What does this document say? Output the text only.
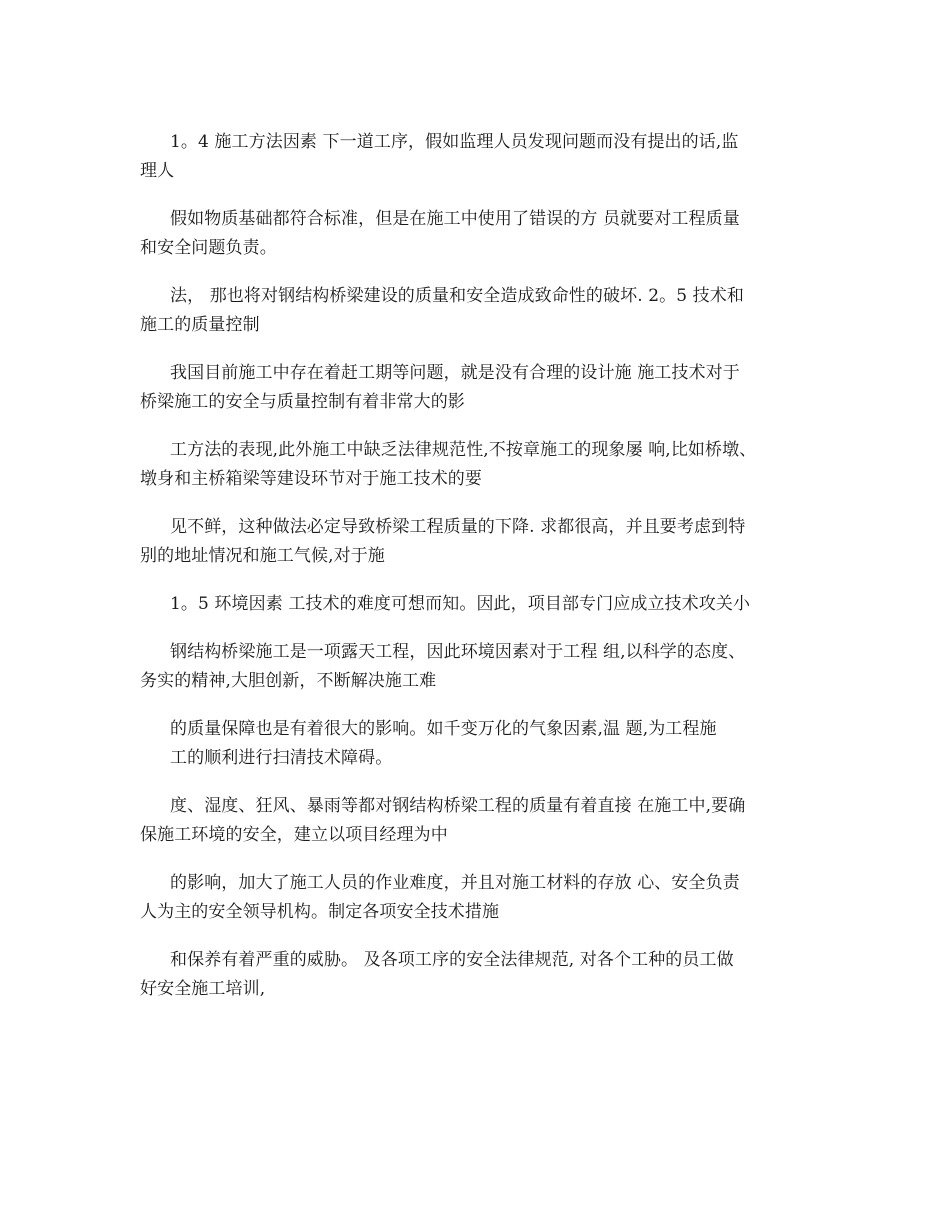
1。4 施工方法因素 下一道工序，假如监理人员发现问题而没有提出的话,监
理人
假如物质基础都符合标准，但是在施工中使用了错误的方 员就要对工程质量
和安全问题负责。
法， 那也将对钢结构桥梁建设的质量和安全造成致命性的破坏. 2。5 技术和
施工的质量控制
我国目前施工中存在着赶工期等问题，就是没有合理的设计施 施工技术对于
桥梁施工的安全与质量控制有着非常大的影
工方法的表现,此外施工中缺乏法律规范性,不按章施工的现象屡 响,比如桥墩、
墩身和主桥箱梁等建设环节对于施工技术的要
见不鲜，这种做法必定导致桥梁工程质量的下降. 求都很高，并且要考虑到特
别的地址情况和施工气候,对于施
1。5 环境因素 工技术的难度可想而知。因此，项目部专门应成立技术攻关小
钢结构桥梁施工是一项露天工程，因此环境因素对于工程 组,以科学的态度、
务实的精神,大胆创新，不断解决施工难
的质量保障也是有着很大的影响。如千变万化的气象因素,温 题,为工程施
工的顺利进行扫清技术障碍。
度、湿度、狂风、暴雨等都对钢结构桥梁工程的质量有着直接 在施工中,要确
保施工环境的安全，建立以项目经理为中
的影响，加大了施工人员的作业难度，并且对施工材料的存放 心、安全负责
人为主的安全领导机构。制定各项安全技术措施
和保养有着严重的威胁。 及各项工序的安全法律规范, 对各个工种的员工做
好安全施工培训,
